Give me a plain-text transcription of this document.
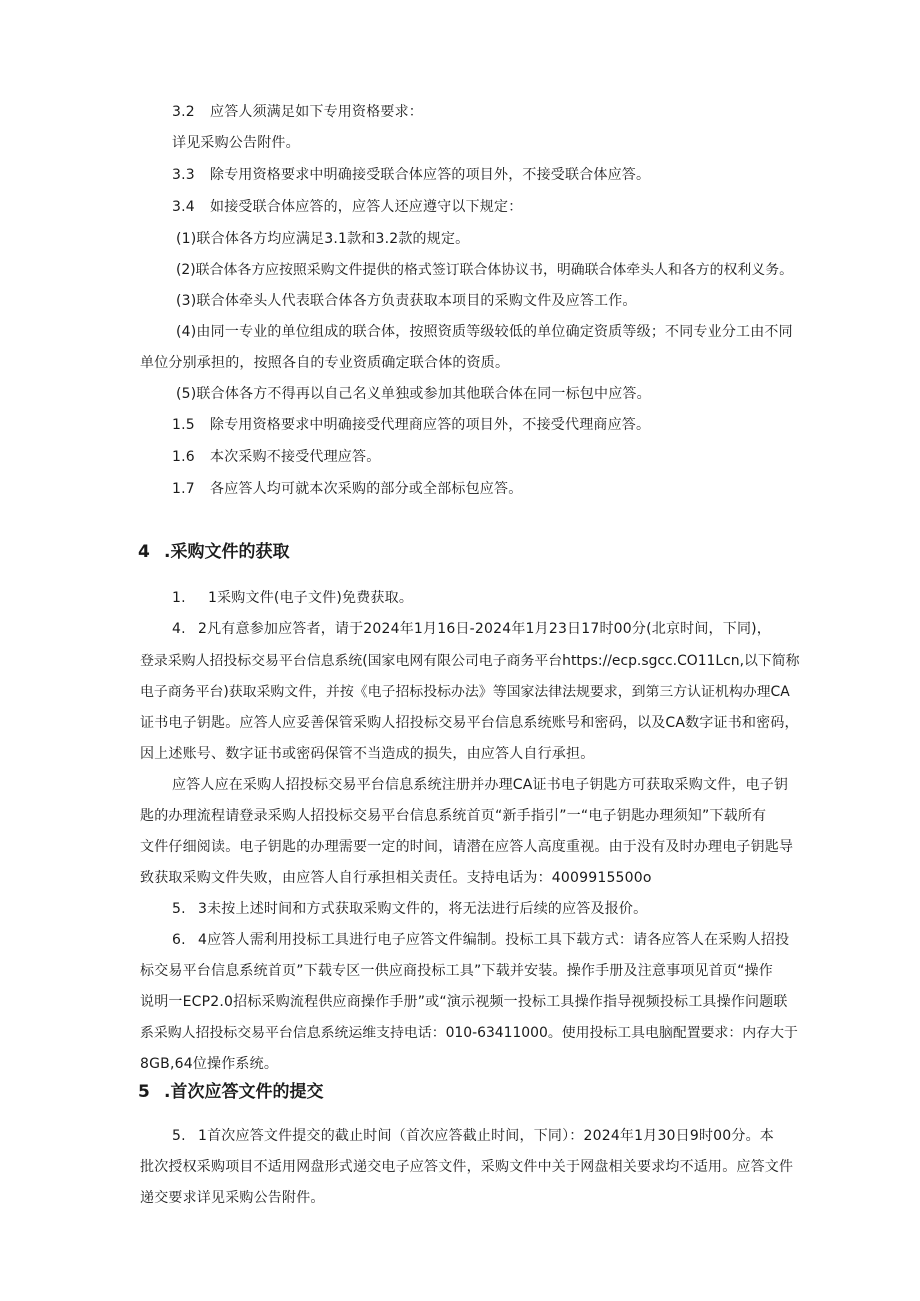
3.2 应答人须满足如下专用资格要求：
详见采购公告附件。
3.3 除专用资格要求中明确接受联合体应答的项目外，不接受联合体应答。
3.4 如接受联合体应答的，应答人还应遵守以下规定：
(1)联合体各方均应满足3.1款和3.2款的规定。
(2)联合体各方应按照采购文件提供的格式签订联合体协议书，明确联合体牵头人和各方的权利义务。
(3)联合体牵头人代表联合体各方负责获取本项目的采购文件及应答工作。
(4)由同一专业的单位组成的联合体，按照资质等级较低的单位确定资质等级；不同专业分工由不同
单位分别承担的，按照各自的专业资质确定联合体的资质。
(5)联合体各方不得再以自己名义单独或参加其他联合体在同一标包中应答。
1.5 除专用资格要求中明确接受代理商应答的项目外，不接受代理商应答。
1.6 本次采购不接受代理应答。
1.7 各应答人均可就本次采购的部分或全部标包应答。
4 .采购文件的获取
1. 1采购文件(电子文件)免费获取。
4. 2凡有意参加应答者，请于2024年1月16日-2024年1月23日17时00分(北京时间，下同)，
登录采购人招投标交易平台信息系统(国家电网有限公司电子商务平台https://ecp.sgcc.CO11Lcn,以下简称
电子商务平台)获取采购文件，并按《电子招标投标办法》等国家法律法规要求，到第三方认证机构办理CA
证书电子钥匙。应答人应妥善保管采购人招投标交易平台信息系统账号和密码，以及CA数字证书和密码，
因上述账号、数字证书或密码保管不当造成的损失，由应答人自行承担。
应答人应在采购人招投标交易平台信息系统注册并办理CA证书电子钥匙方可获取采购文件，电子钥
匙的办理流程请登录采购人招投标交易平台信息系统首页“新手指引”一“电子钥匙办理须知”下载所有
文件仔细阅读。电子钥匙的办理需要一定的时间，请潜在应答人高度重视。由于没有及时办理电子钥匙导
致获取采购文件失败，由应答人自行承担相关责任。支持电话为：4009915500o
5. 3未按上述时间和方式获取采购文件的，将无法进行后续的应答及报价。
6. 4应答人需利用投标工具进行电子应答文件编制。投标工具下载方式：请各应答人在采购人招投
标交易平台信息系统首页”下载专区一供应商投标工具”下载并安装。操作手册及注意事项见首页“操作
说明一ECP2.0招标采购流程供应商操作手册”或“演示视频一投标工具操作指导视频投标工具操作问题联
系采购人招投标交易平台信息系统运维支持电话：010-63411000。使用投标工具电脑配置要求：内存大于
8GB,64位操作系统。
5 .首次应答文件的提交
5. 1首次应答文件提交的截止时间（首次应答截止时间，下同）：2024年1月30日9时00分。本
批次授权采购项目不适用网盘形式递交电子应答文件，采购文件中关于网盘相关要求均不适用。应答文件
递交要求详见采购公告附件。
